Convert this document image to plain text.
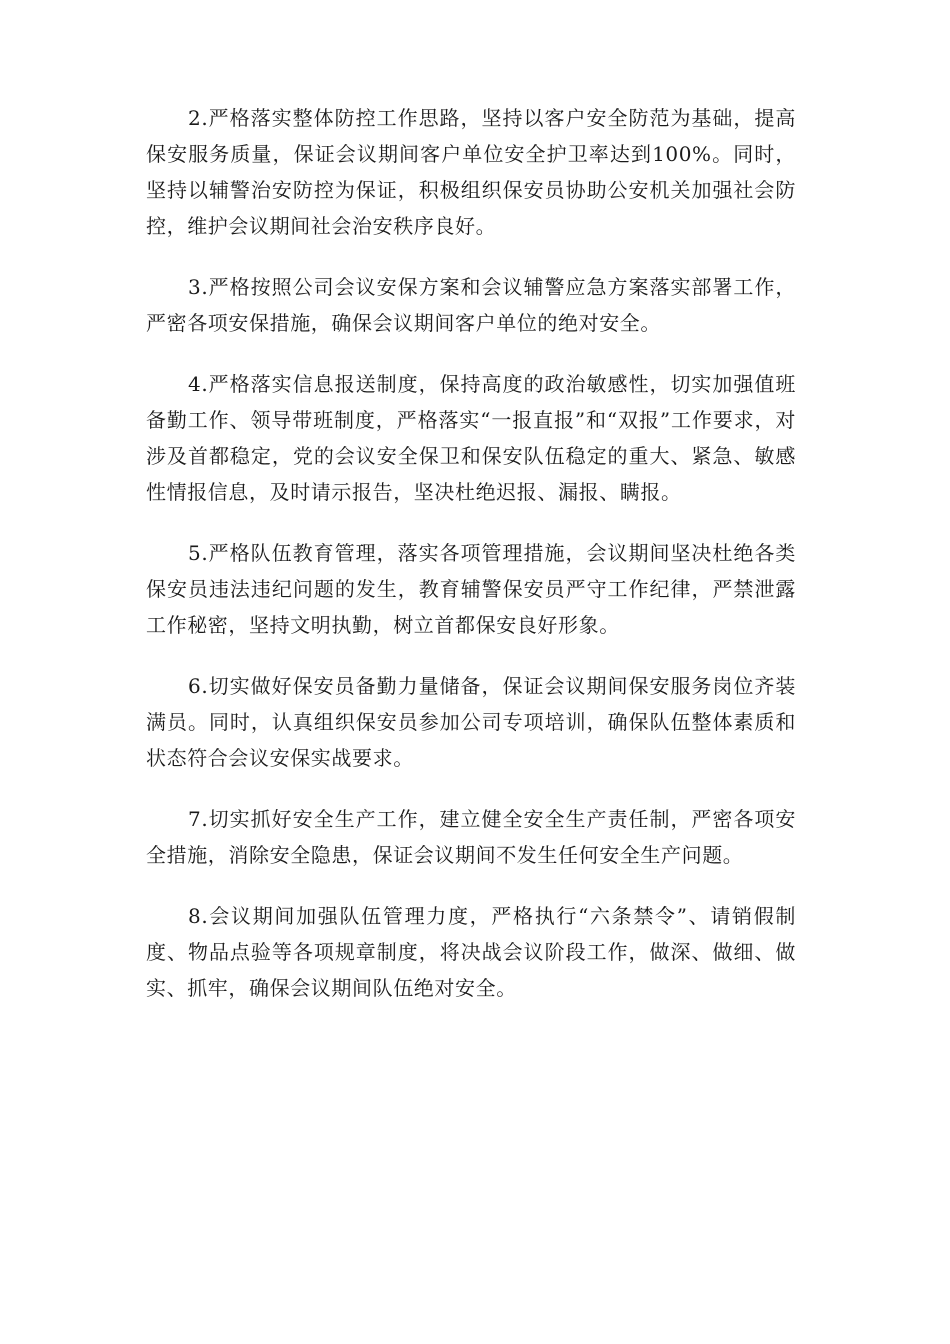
2.严格落实整体防控工作思路，坚持以客户安全防范为基础，提高保安服务质量，保证会议期间客户单位安全护卫率达到100%。同时，坚持以辅警治安防控为保证，积极组织保安员协助公安机关加强社会防控，维护会议期间社会治安秩序良好。

3.严格按照公司会议安保方案和会议辅警应急方案落实部署工作，严密各项安保措施，确保会议期间客户单位的绝对安全。

4.严格落实信息报送制度，保持高度的政治敏感性，切实加强值班备勤工作、领导带班制度，严格落实“一报直报”和“双报”工作要求，对涉及首都稳定，党的会议安全保卫和保安队伍稳定的重大、紧急、敏感性情报信息，及时请示报告，坚决杜绝迟报、漏报、瞒报。

5.严格队伍教育管理，落实各项管理措施，会议期间坚决杜绝各类保安员违法违纪问题的发生，教育辅警保安员严守工作纪律，严禁泄露工作秘密，坚持文明执勤，树立首都保安良好形象。

6.切实做好保安员备勤力量储备，保证会议期间保安服务岗位齐装满员。同时，认真组织保安员参加公司专项培训，确保队伍整体素质和状态符合会议安保实战要求。

7.切实抓好安全生产工作，建立健全安全生产责任制，严密各项安全措施，消除安全隐患，保证会议期间不发生任何安全生产问题。

8.会议期间加强队伍管理力度，严格执行“六条禁令”、请销假制度、物品点验等各项规章制度，将决战会议阶段工作，做深、做细、做实、抓牢，确保会议期间队伍绝对安全。
